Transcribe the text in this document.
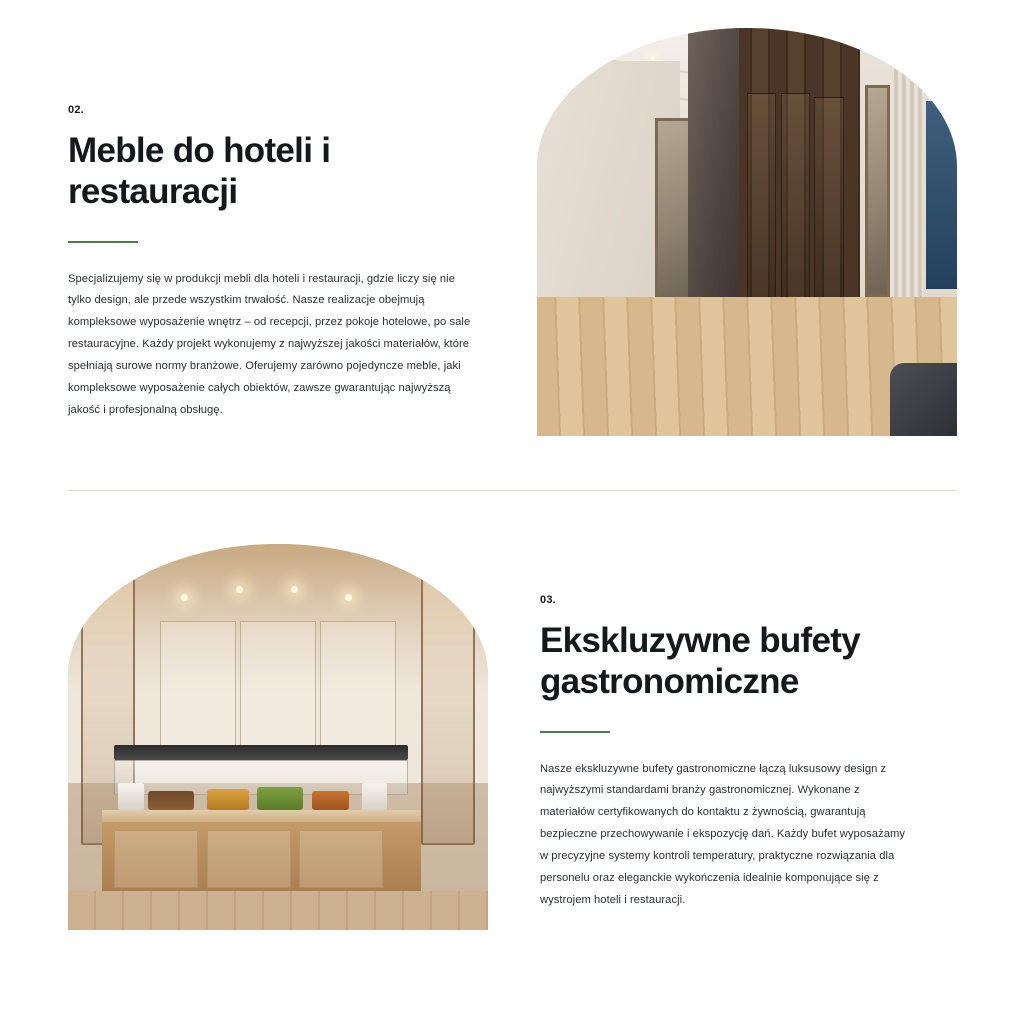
02.

Meble do hoteli i restauracji

Specjalizujemy się w produkcji mebli dla hoteli i restauracji, gdzie liczy się nie tylko design, ale przede wszystkim trwałość. Nasze realizacje obejmują kompleksowe wyposażenie wnętrz – od recepcji, przez pokoje hotelowe, po sale restauracyjne. Każdy projekt wykonujemy z najwyższej jakości materiałów, które spełniają surowe normy branżowe. Oferujemy zarówno pojedyncze meble, jaki kompleksowe wyposażenie całych obiektów, zawsze gwarantując najwyższą jakość i profesjonalną obsługę.

03.

Ekskluzywne bufety gastronomiczne

Nasze ekskluzywne bufety gastronomiczne łączą luksusowy design z najwyższymi standardami branży gastronomicznej. Wykonane z materiałów certyfikowanych do kontaktu z żywnością, gwarantują bezpieczne przechowywanie i ekspozycję dań. Każdy bufet wyposażamy w precyzyjne systemy kontroli temperatury, praktyczne rozwiązania dla personelu oraz eleganckie wykończenia idealnie komponujące się z wystrojem hoteli i restauracji.
